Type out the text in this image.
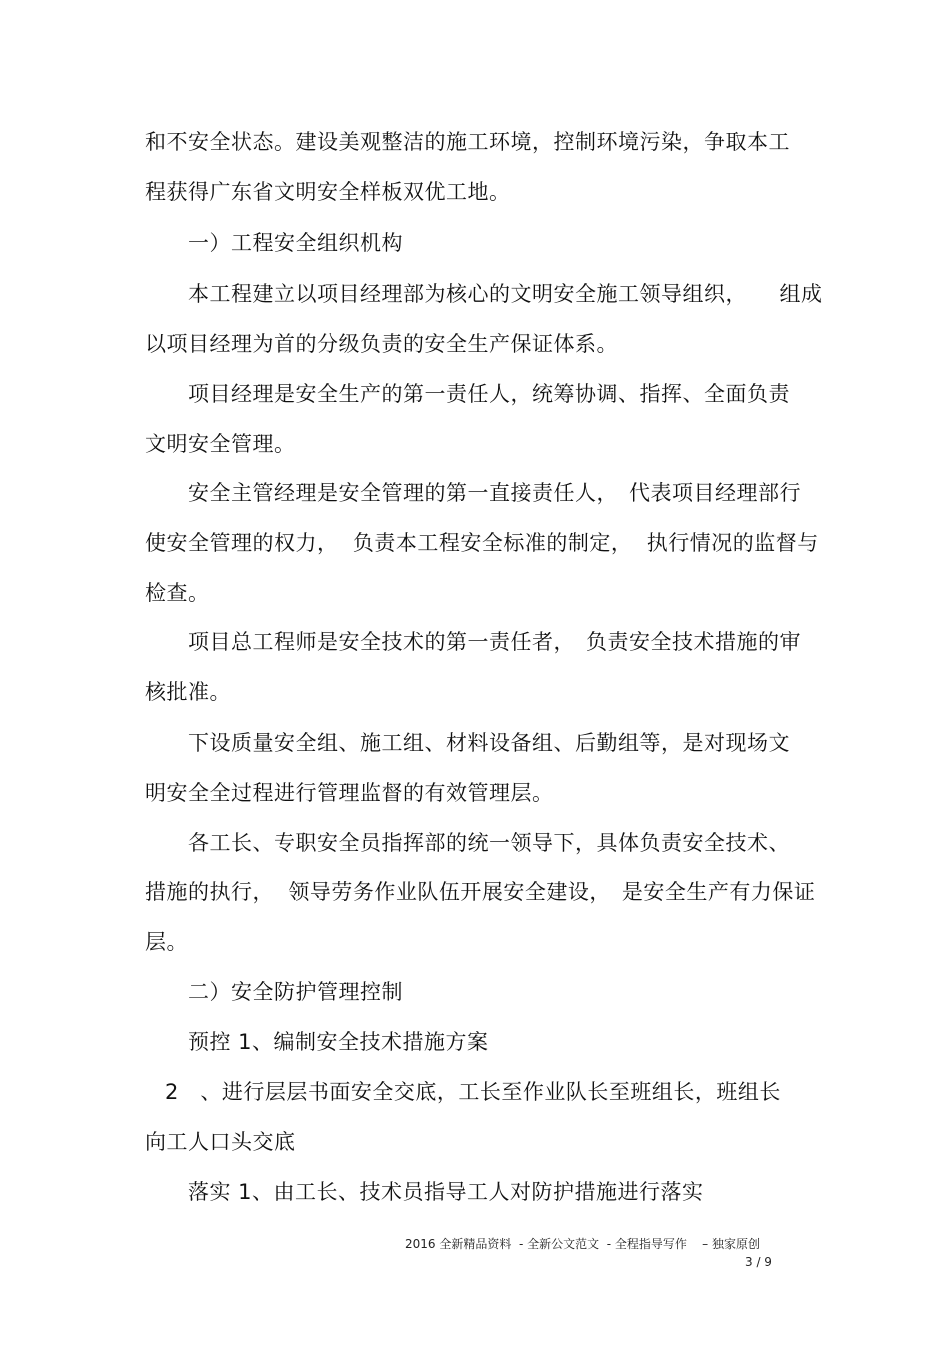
和不安全状态。建设美观整洁的施工环境，控制环境污染，争取本工
程获得广东省文明安全样板双优工地。
一）工程安全组织机构
本工程建立以项目经理部为核心的文明安全施工领导组织，　　组成
以项目经理为首的分级负责的安全生产保证体系。
项目经理是安全生产的第一责任人，统筹协调、指挥、全面负责
文明安全管理。
安全主管经理是安全管理的第一直接责任人，　代表项目经理部行
使安全管理的权力，  负责本工程安全标准的制定，  执行情况的监督与
检查。
项目总工程师是安全技术的第一责任者，　负责安全技术措施的审
核批准。
下设质量安全组、施工组、材料设备组、后勤组等，是对现场文
明安全全过程进行管理监督的有效管理层。
各工长、专职安全员指挥部的统一领导下，具体负责安全技术、
措施的执行，  领导劳务作业队伍开展安全建设，　是安全生产有力保证
层。
二）安全防护管理控制
预控 1、编制安全技术措施方案
2　、进行层层书面安全交底，工长至作业队长至班组长，班组长
向工人口头交底
落实 1、由工长、技术员指导工人对防护措施进行落实
2016 全新精品资料  - 全新公文范文  - 全程指导写作    – 独家原创
3 / 9
